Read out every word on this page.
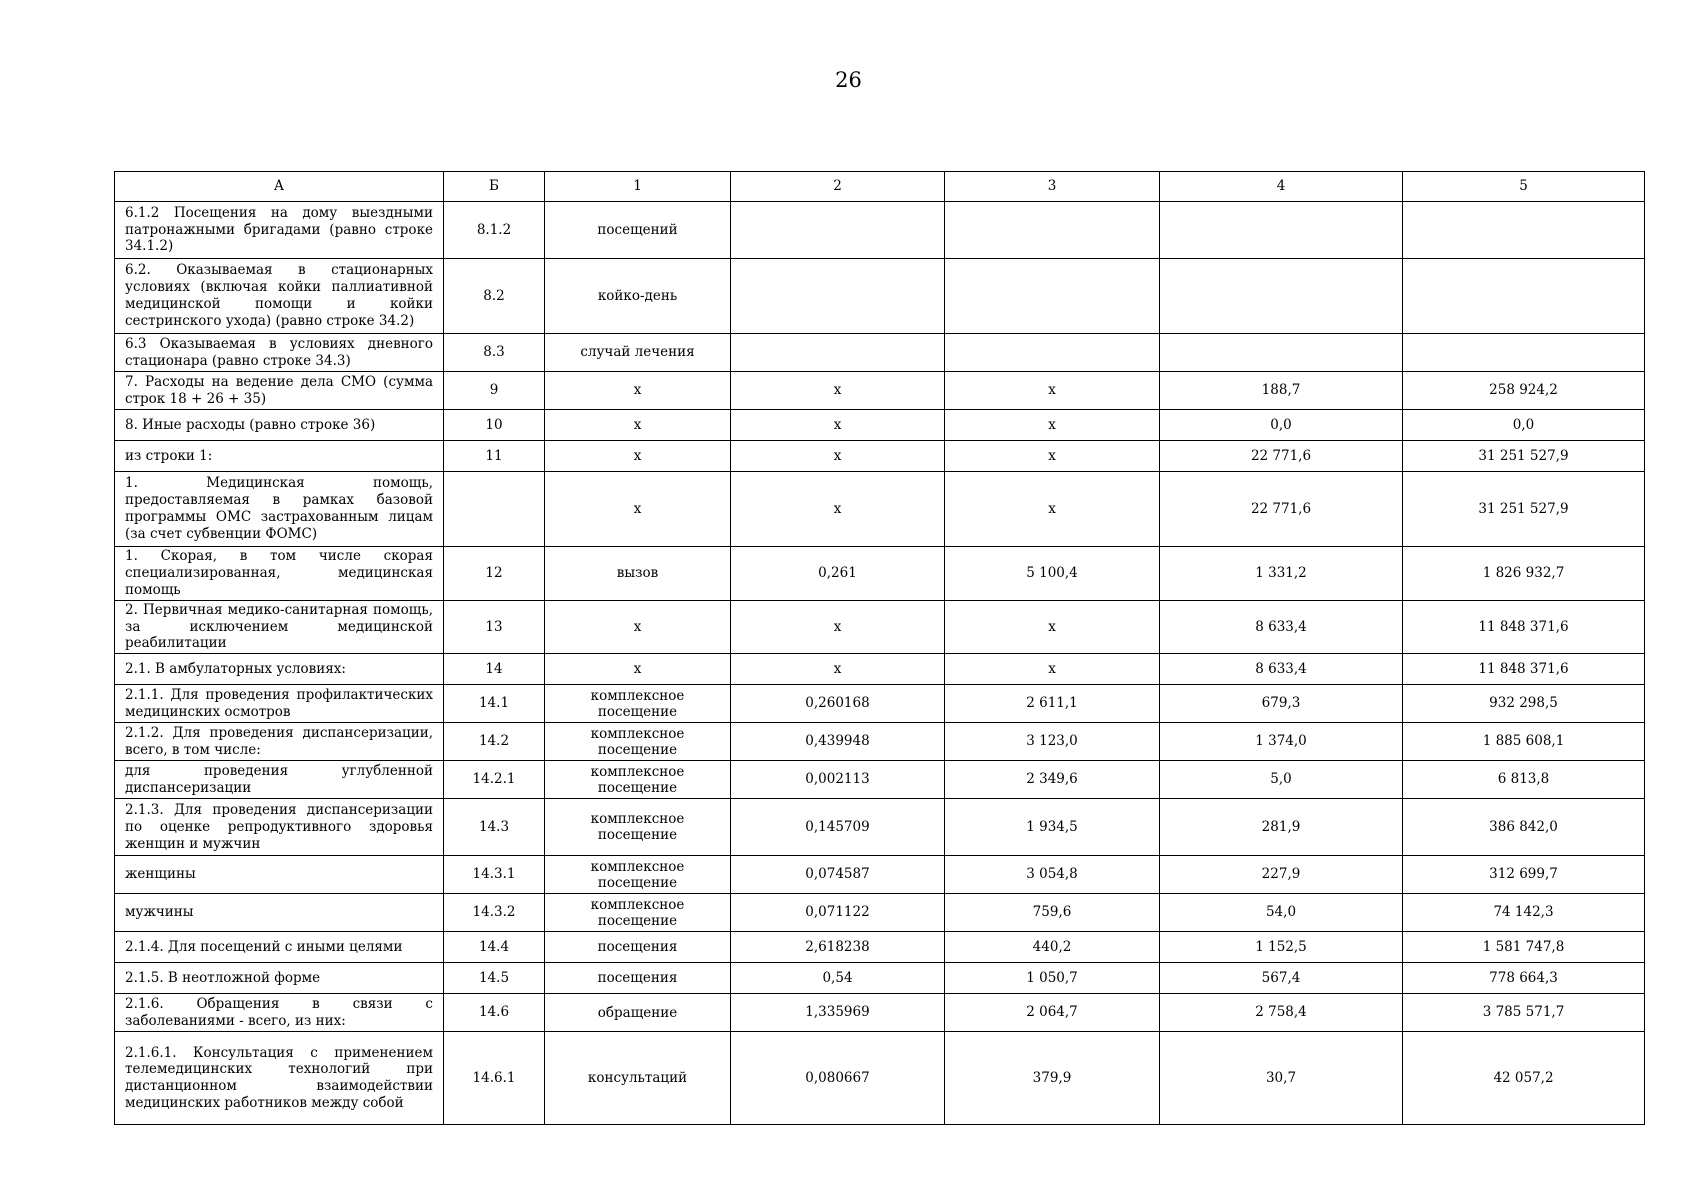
26
А	Б	1	2	3	4	5
6.1.2 Посещения на дому выездными патронажными бригадами (равно строке 34.1.2)	8.1.2	посещений				
6.2. Оказываемая в стационарных условиях (включая койки паллиативной медицинской помощи и койки сестринского ухода) (равно строке 34.2)	8.2	койко-день				
6.3 Оказываемая в условиях дневного стационара (равно строке 34.3)	8.3	случай лечения				
7. Расходы на ведение дела СМО (сумма строк 18 + 26 + 35)	9	х	х	х	188,7	258 924,2
8. Иные расходы (равно строке 36)	10	х	х	х	0,0	0,0
из строки 1:	11	х	х	х	22 771,6	31 251 527,9
1. Медицинская помощь, предоставляемая в рамках базовой программы ОМС застрахованным лицам (за счет субвенции ФОМС)		х	х	х	22 771,6	31 251 527,9
1. Скорая, в том числе скорая специализированная, медицинская помощь	12	вызов	0,261	5 100,4	1 331,2	1 826 932,7
2. Первичная медико-санитарная помощь, за исключением медицинской реабилитации	13	х	х	х	8 633,4	11 848 371,6
2.1. В амбулаторных условиях:	14	х	х	х	8 633,4	11 848 371,6
2.1.1. Для проведения профилактических медицинских осмотров	14.1	комплексное посещение	0,260168	2 611,1	679,3	932 298,5
2.1.2. Для проведения диспансеризации, всего, в том числе:	14.2	комплексное посещение	0,439948	3 123,0	1 374,0	1 885 608,1
для проведения углубленной диспансеризации	14.2.1	комплексное посещение	0,002113	2 349,6	5,0	6 813,8
2.1.3. Для проведения диспансеризации по оценке репродуктивного здоровья женщин и мужчин	14.3	комплексное посещение	0,145709	1 934,5	281,9	386 842,0
женщины	14.3.1	комплексное посещение	0,074587	3 054,8	227,9	312 699,7
мужчины	14.3.2	комплексное посещение	0,071122	759,6	54,0	74 142,3
2.1.4. Для посещений с иными целями	14.4	посещения	2,618238	440,2	1 152,5	1 581 747,8
2.1.5. В неотложной форме	14.5	посещения	0,54	1 050,7	567,4	778 664,3
2.1.6. Обращения в связи с заболеваниями - всего, из них:	14.6	обращение	1,335969	2 064,7	2 758,4	3 785 571,7
2.1.6.1. Консультация с применением телемедицинских технологий при дистанционном взаимодействии медицинских работников между собой	14.6.1	консультаций	0,080667	379,9	30,7	42 057,2
